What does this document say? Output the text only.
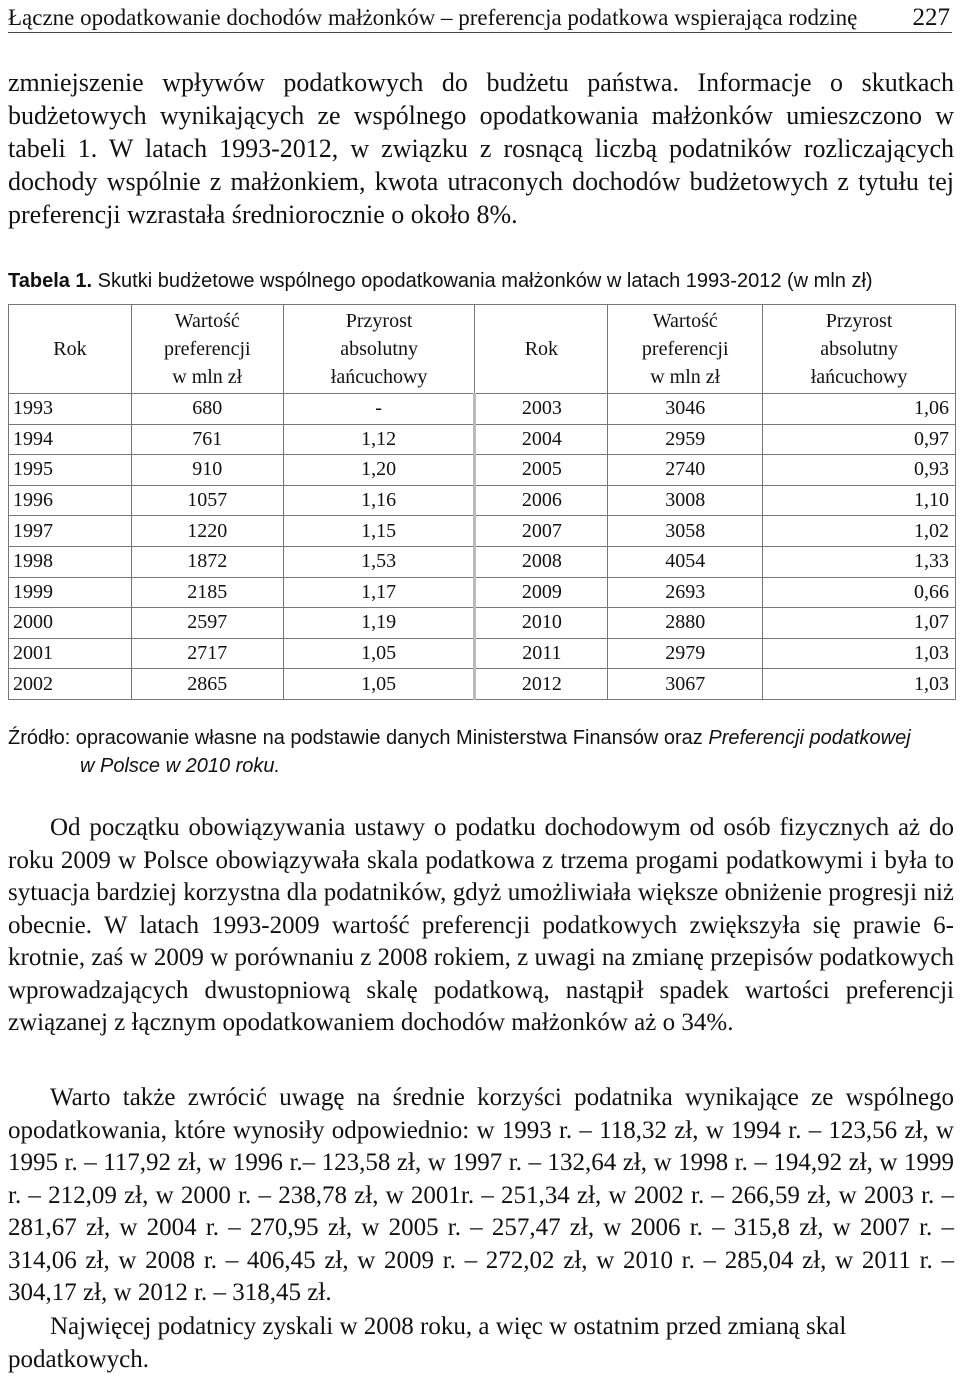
Łączne opodatkowanie dochodów małżonków – preferencja podatkowa wspierająca rodzinę 227

zmniejszenie wpływów podatkowych do budżetu państwa. Informacje o skutkach budżetowych wynikających ze wspólnego opodatkowania małżonków umieszczono w tabeli 1. W latach 1993-2012, w związku z rosnącą liczbą podatników rozliczających dochody wspólnie z małżonkiem, kwota utraconych dochodów budżetowych z tytułu tej preferencji wzrastała średniorocznie o około 8%.

Tabela 1. Skutki budżetowe wspólnego opodatkowania małżonków w latach 1993-2012 (w mln zł)
Rok	Wartość
preferencji
w mln zł	Przyrost
absolutny
łańcuchowy	Rok	Wartość
preferencji
w mln zł	Przyrost
absolutny
łańcuchowy
1993	680	-	2003	3046	1,06
1994	761	1,12	2004	2959	0,97
1995	910	1,20	2005	2740	0,93
1996	1057	1,16	2006	3008	1,10
1997	1220	1,15	2007	3058	1,02
1998	1872	1,53	2008	4054	1,33
1999	2185	1,17	2009	2693	0,66
2000	2597	1,19	2010	2880	1,07
2001	2717	1,05	2011	2979	1,03
2002	2865	1,05	2012	3067	1,03
Źródło: opracowanie własne na podstawie danych Ministerstwa Finansów oraz Preferencji podatkowej
w Polsce w 2010 roku.

Od początku obowiązywania ustawy o podatku dochodowym od osób fizycznych aż do roku 2009 w Polsce obowiązywała skala podatkowa z trzema progami podatkowymi i była to sytuacja bardziej korzystna dla podatników, gdyż umożliwiała większe obniżenie progresji niż obecnie. W latach 1993-2009 wartość preferencji podatkowych zwiększyła się prawie 6-krotnie, zaś w 2009 w porównaniu z 2008 rokiem, z uwagi na zmianę przepisów podatkowych wprowadzających dwustopniową skalę podatkową, nastąpił spadek wartości preferencji związanej z łącznym opodatkowaniem dochodów małżonków aż o 34%.

Warto także zwrócić uwagę na średnie korzyści podatnika wynikające ze wspólnego opodatkowania, które wynosiły odpowiednio: w 1993 r. – 118,32 zł, w 1994 r. – 123,56 zł, w 1995 r. – 117,92 zł, w 1996 r.– 123,58 zł, w 1997 r. – 132,64 zł, w 1998 r. – 194,92 zł, w 1999 r. – 212,09 zł, w 2000 r. – 238,78 zł, w 2001r. – 251,34 zł, w 2002 r. – 266,59 zł, w 2003 r. – 281,67 zł, w 2004 r. – 270,95 zł, w 2005 r. – 257,47 zł, w 2006 r. – 315,8 zł, w 2007 r. – 314,06 zł, w 2008 r. – 406,45 zł, w 2009 r. – 272,02 zł, w 2010 r. – 285,04 zł, w 2011 r. – 304,17 zł, w 2012 r. – 318,45 zł.

Najwięcej podatnicy zyskali w 2008 roku, a więc w ostatnim przed zmianą skal podatkowych.
